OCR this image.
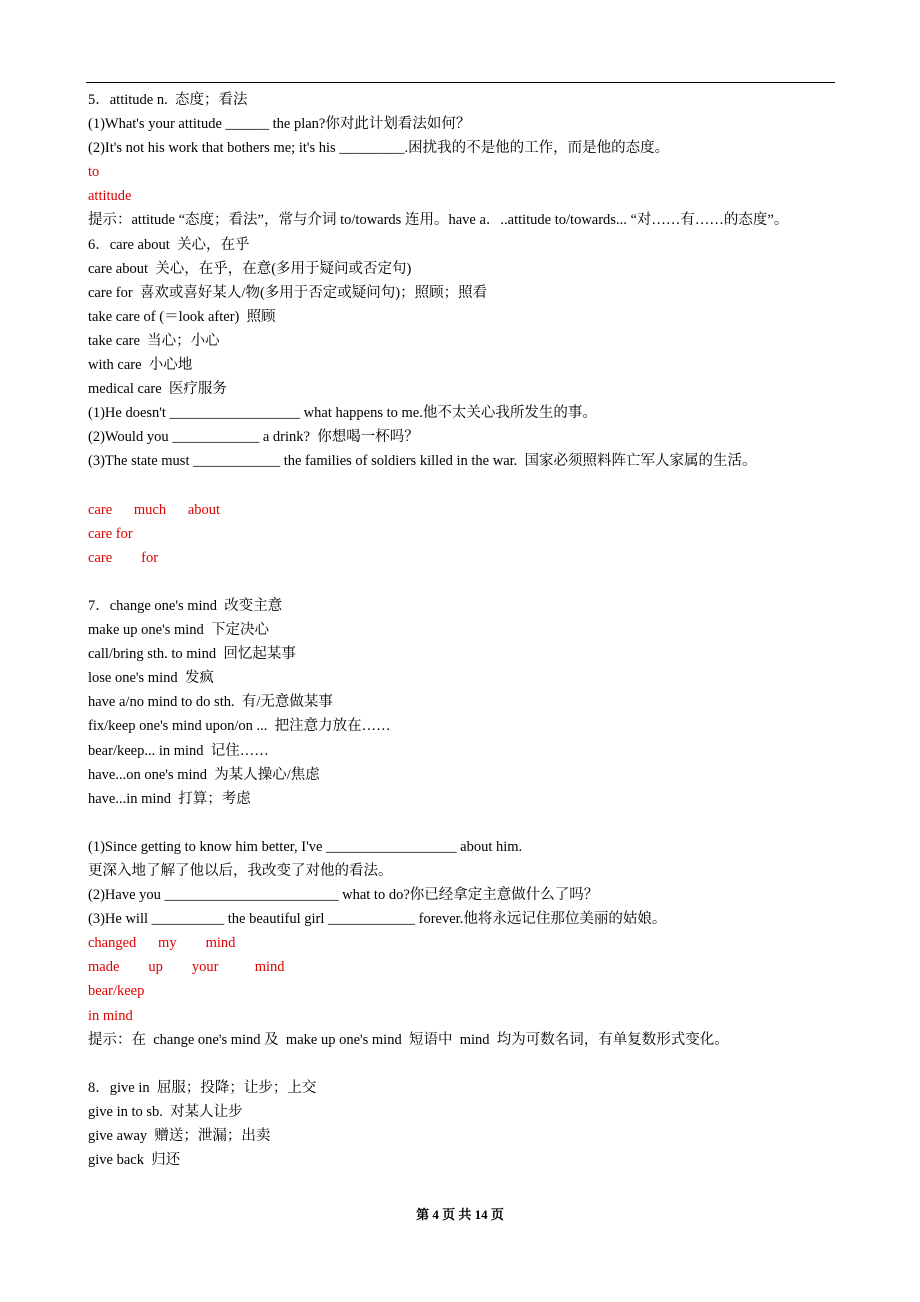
5．attitude n.  态度；看法
(1)What's your attitude ______ the plan?你对此计划看法如何？
(2)It's not his work that bothers me; it's his _________.困扰我的不是他的工作，而是他的态度。
to
attitude
提示：attitude “态度；看法”，常与介词 to/towards 连用。have a．..attitude to/towards... “对……有……的态度”。
6．care about  关心，在乎
care about  关心，在乎，在意(多用于疑问或否定句)
care for  喜欢或喜好某人/物(多用于否定或疑问句)；照顾；照看
take care of (＝look after)  照顾
take care  当心；小心
with care  小心地
medical care  医疗服务
(1)He doesn't __________________ what happens to me.他不太关心我所发生的事。
(2)Would you ____________ a drink?  你想喝一杯吗？
(3)The state must ____________ the families of soldiers killed in the war.  国家必须照料阵亡军人家属的生活。
care      much      about
care for
care        for
7．change one's mind  改变主意
make up one's mind  下定决心
call/bring sth. to mind  回忆起某事
lose one's mind  发疯
have a/no mind to do sth.  有/无意做某事
fix/keep one's mind upon/on ...  把注意力放在……
bear/keep... in mind  记住……
have...on one's mind  为某人操心/焦虑
have...in mind  打算；考虑
(1)Since getting to know him better, I've __________________ about him.
更深入地了解了他以后，我改变了对他的看法。
(2)Have you ________________________ what to do?你已经拿定主意做什么了吗？
(3)He will __________ the beautiful girl ____________ forever.他将永远记住那位美丽的姑娘。
changed      my        mind
made        up        your          mind
bear/keep
in mind
提示：在  change one's mind 及  make up one's mind  短语中  mind  均为可数名词，有单复数形式变化。
8．give in  屈服；投降；让步；上交
give in to sb.  对某人让步
give away  赠送；泄漏；出卖
give back  归还
第 4 页 共 14 页
